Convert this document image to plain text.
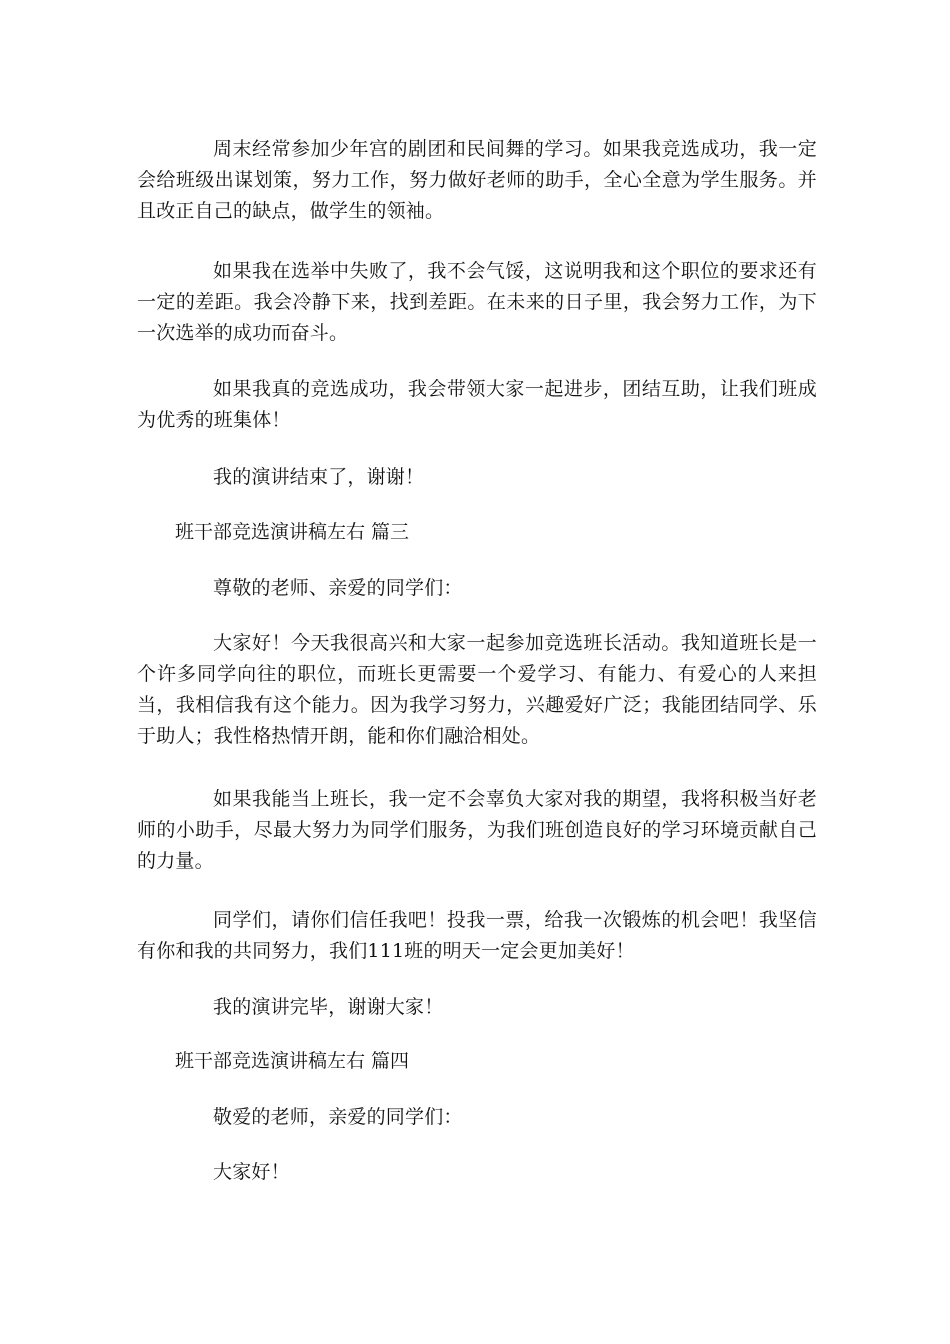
周末经常参加少年宫的剧团和民间舞的学习。如果我竞选成功，我一定会给班级出谋划策，努力工作，努力做好老师的助手，全心全意为学生服务。并且改正自己的缺点，做学生的领袖。

如果我在选举中失败了，我不会气馁，这说明我和这个职位的要求还有一定的差距。我会冷静下来，找到差距。在未来的日子里，我会努力工作，为下一次选举的成功而奋斗。

如果我真的竞选成功，我会带领大家一起进步，团结互助，让我们班成为优秀的班集体！

我的演讲结束了，谢谢！

班干部竞选演讲稿左右 篇三

尊敬的老师、亲爱的同学们：

大家好！今天我很高兴和大家一起参加竞选班长活动。我知道班长是一个许多同学向往的职位，而班长更需要一个爱学习、有能力、有爱心的人来担当，我相信我有这个能力。因为我学习努力，兴趣爱好广泛；我能团结同学、乐于助人；我性格热情开朗，能和你们融洽相处。

如果我能当上班长，我一定不会辜负大家对我的期望，我将积极当好老师的小助手，尽最大努力为同学们服务，为我们班创造良好的学习环境贡献自己的力量。

同学们，请你们信任我吧！投我一票，给我一次锻炼的机会吧！我坚信有你和我的共同努力，我们111班的明天一定会更加美好！

我的演讲完毕，谢谢大家！

班干部竞选演讲稿左右 篇四

敬爱的老师，亲爱的同学们：

大家好！
